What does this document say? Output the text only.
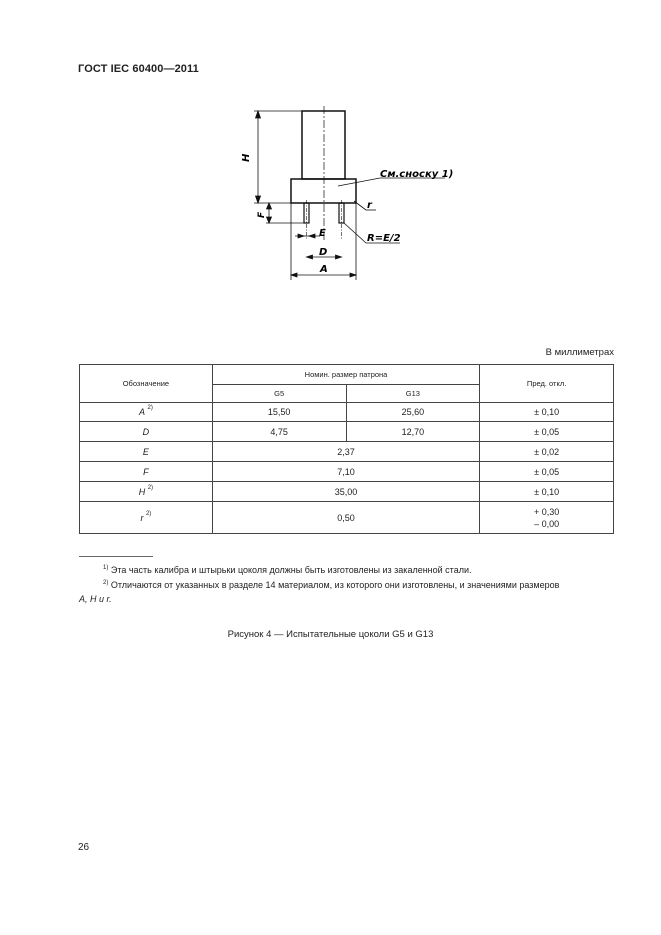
ГОСТ IEC 60400—2011
H
F
E
D
A
См.сноску 1)
r
R=E/2
В миллиметрах
Обозначение	Номин. размер патрона		Пред. откл.
	G5	G13	
A $^{2)}$	15,50	25,60	± 0,10
D	4,75	12,70	± 0,05
E	2,37		± 0,02
F	7,10		± 0,05
H $^{2)}$	35,00		± 0,10
r $^{2)}$	0,50		+ 0,30
– 0,00
$^{1)}$ Эта часть калибра и штырьки цоколя должны быть изготовлены из закаленной стали.
$^{2)}$ Отличаются от указанных в разделе 14 материалом, из которого они изготовлены, и значениями размеров
A, H и r.
Рисунок 4 — Испытательные цоколи G5 и G13
26
